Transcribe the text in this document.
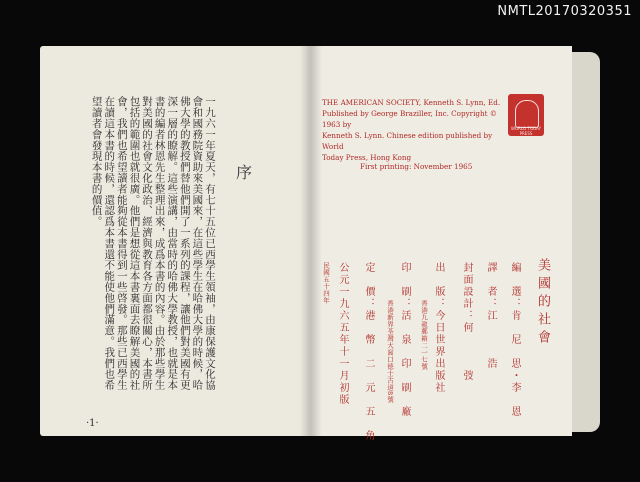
NMTL20170320351
序
一九六一年夏天，有七十五位已西學生領袖，由康保護文化協會和國務院資助來美國來，在這些學生在哈佛大學的時候，哈佛大學的教授們替他們開了一系列的課程，讓他們對美國有更深一層的瞭解。這些演講，由當時的哈佛大學教授，也就是本書的編者林恩先生整理出來，成爲本書的內容。由於那些學生對美國的社會文化政治、經濟與教育各方面都很關心，本書所包括的範圍也就很廣。他們是想從這本書裏面去瞭解美國的社會，我們也希望讀者能夠從本書得到一些啓發。那些已西學生在讀這本書的時候，還認爲本書還不能使他們滿意。我們也希望讀者會發現本書的價值。
·1·

THE AMERICAN SOCIETY, Kenneth S. Lynn, Ed.

Published by George Braziller, Inc. Copyright © 1963 by

Kenneth S. Lynn. Chinese edition published by World

Today Press, Hong Kong

First printing: November 1965
WORLD TODAY PRESS
美國的社會
編　選：肯　尼　思・李　恩
譯　者：江　　　浩
封面設計：何　　　弢
出　版：今日世界出版社
香港九龍郵箱二一七號
印　刷：活　泉　印　刷　廠
香港新界荃灣大窩口德士古道8號
定　價：港　幣　二　元　五　角
公元一九六五年十一月初版
民國五十四年
